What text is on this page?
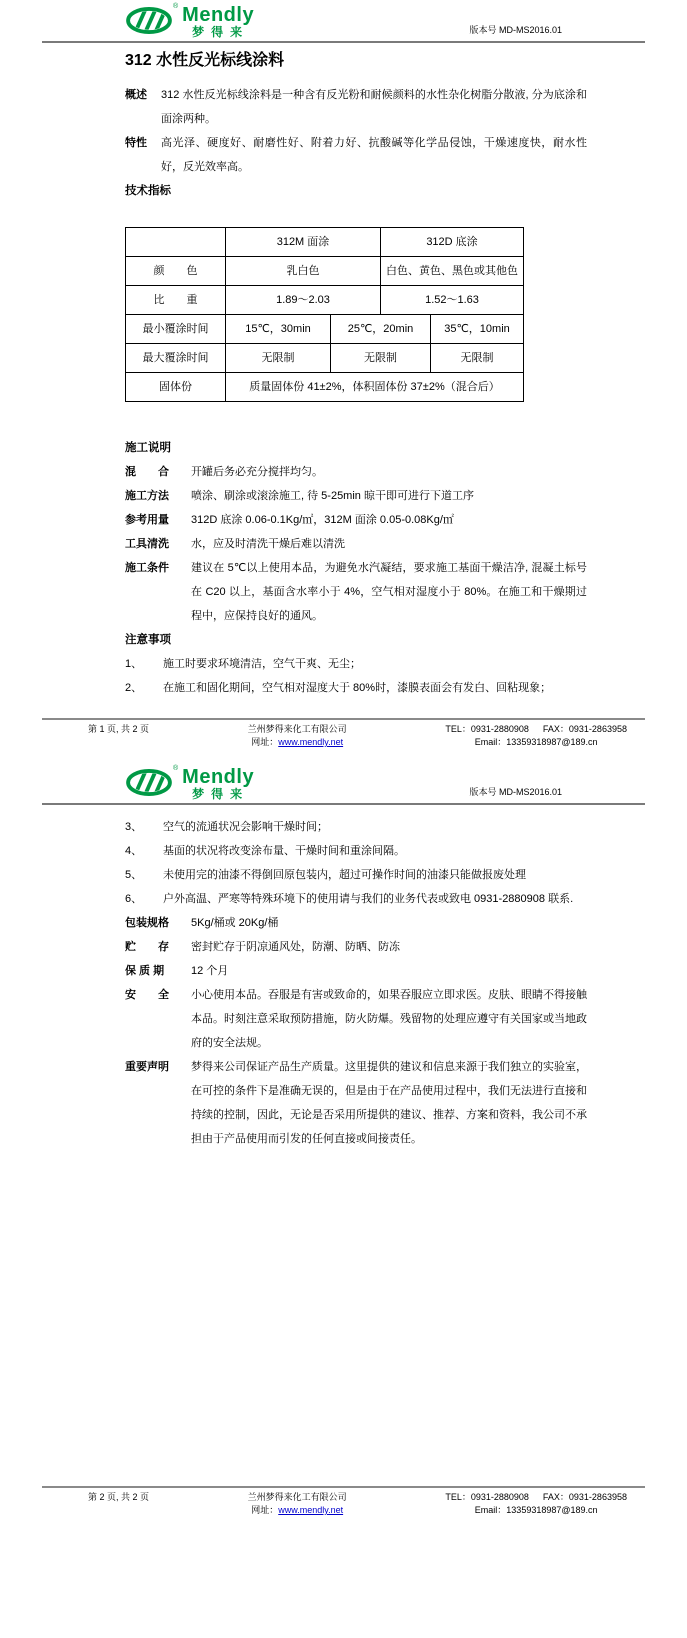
® Mendly
梦得来	版本号 MD-MS2016.01
312 水性反光标线涂料
概述	312 水性反光标线涂料是一种含有反光粉和耐候颜料的水性杂化树脂分散液, 分为底涂和面涂两种。
特性	高光泽、硬度好、耐磨性好、附着力好、抗酸碱等化学品侵蚀，干燥速度快，耐水性好，反光效率高。
技术指标
	312M 面涂		312D 底涂	
颜　　色	乳白色		白色、黄色、黑色或其他色	
比　　重	1.89～2.03		1.52～1.63	
最小覆涂时间	15℃，30min	25℃，20min		35℃，10min
最大覆涂时间	无限制	无限制		无限制
固体份	质量固体份 41±2%，体积固体份 37±2%（混合后）			
施工说明
混　　合	开罐后务必充分搅拌均匀。
施工方法	喷涂、刷涂或滚涂施工, 待 5-25min 晾干即可进行下道工序
参考用量	312D 底涂 0.06-0.1Kg/㎡，312M 面涂 0.05-0.08Kg/㎡
工具清洗	水，应及时清洗干燥后难以清洗
施工条件	建议在 5℃以上使用本品，为避免水汽凝结，要求施工基面干燥洁净, 混凝土标号在 C20 以上，基面含水率小于 4%，空气相对湿度小于 80%。在施工和干燥期过程中，应保持良好的通风。
注意事项
1、	施工时要求环境清洁，空气干爽、无尘；
2、	在施工和固化期间，空气相对湿度大于 80%时，漆膜表面会有发白、回粘现象；
第 1 页, 共 2 页	兰州梦得来化工有限公司
网址：www.mendly.net
TEL：0931-2880908 FAX：0931-2863958
Email：13359318987@189.cn
® Mendly
梦得来	版本号 MD-MS2016.01
3、	空气的流通状况会影响干燥时间；
4、	基面的状况将改变涂布量、干燥时间和重涂间隔。
5、	未使用完的油漆不得倒回原包装内，超过可操作时间的油漆只能做报废处理
6、	户外高温、严寒等特殊环境下的使用请与我们的业务代表或致电 0931-2880908 联系.
包装规格	5Kg/桶或 20Kg/桶
贮　　存	密封贮存于阴凉通风处，防潮、防晒、防冻
保 质 期	12 个月
安　　全	小心使用本品。吞服是有害或致命的，如果吞服应立即求医。皮肤、眼睛不得接触本品。时刻注意采取预防措施，防火防爆。残留物的处理应遵守有关国家或当地政府的安全法规。
重要声明	梦得来公司保证产品生产质量。这里提供的建议和信息来源于我们独立的实验室，在可控的条件下是准确无误的，但是由于在产品使用过程中，我们无法进行直接和持续的控制，因此，无论是否采用所提供的建议、推荐、方案和资料，我公司不承担由于产品使用而引发的任何直接或间接责任。
第 2 页, 共 2 页	兰州梦得来化工有限公司
网址：www.mendly.net
TEL：0931-2880908 FAX：0931-2863958
Email：13359318987@189.cn
